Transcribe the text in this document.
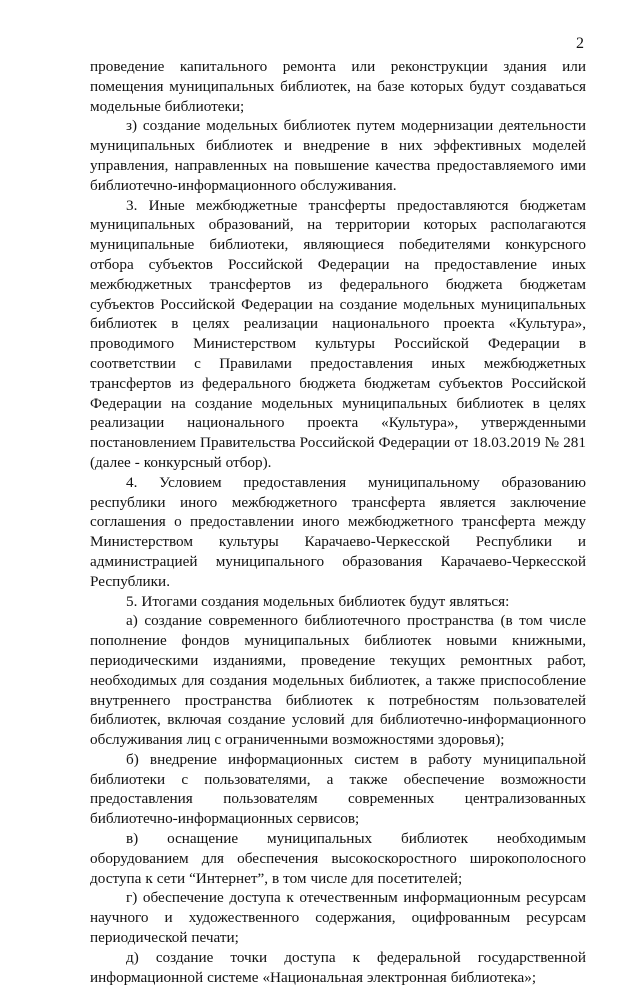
2

проведение капитального ремонта или реконструкции здания или помещения муниципальных библиотек, на базе которых будут создаваться модельные библиотеки;

з) создание модельных библиотек путем модернизации деятельности муниципальных библиотек и внедрение в них эффективных моделей управления, направленных на повышение качества предоставляемого ими библиотечно-информационного обслуживания.

3. Иные межбюджетные трансферты предоставляются бюджетам муниципальных образований, на территории которых располагаются муниципальные библиотеки, являющиеся победителями конкурсного отбора субъектов Российской Федерации на предоставление иных межбюджетных трансфертов из федерального бюджета бюджетам субъектов Российской Федерации на создание модельных муниципальных библиотек в целях реализации национального проекта «Культура», проводимого Министерством культуры Российской Федерации в соответствии с Правилами предоставления иных межбюджетных трансфертов из федерального бюджета бюджетам субъектов Российской Федерации на создание модельных муниципальных библиотек в целях реализации национального проекта «Культура», утвержденными постановлением Правительства Российской Федерации от 18.03.2019 № 281 (далее - конкурсный отбор).

4. Условием предоставления муниципальному образованию республики иного межбюджетного трансферта является заключение соглашения о предоставлении иного межбюджетного трансферта между Министерством культуры Карачаево-Черкесской Республики и администрацией муниципального образования Карачаево-Черкесской Республики.

5. Итогами создания модельных библиотек будут являться:

а) создание современного библиотечного пространства (в том числе пополнение фондов муниципальных библиотек новыми книжными, периодическими изданиями, проведение текущих ремонтных работ, необходимых для создания модельных библиотек, а также приспособление внутреннего пространства библиотек к потребностям пользователей библиотек, включая создание условий для библиотечно-информационного обслуживания лиц с ограниченными возможностями здоровья);

б) внедрение информационных систем в работу муниципальной библиотеки с пользователями, а также обеспечение возможности предоставления пользователям современных централизованных библиотечно-информационных сервисов;

в) оснащение муниципальных библиотек необходимым оборудованием для обеспечения высокоскоростного широкополосного доступа к сети “Интернет”, в том числе для посетителей;

г) обеспечение доступа к отечественным информационным ресурсам научного и художественного содержания, оцифрованным ресурсам периодической печати;

д) создание точки доступа к федеральной государственной информационной системе «Национальная электронная библиотека»;
